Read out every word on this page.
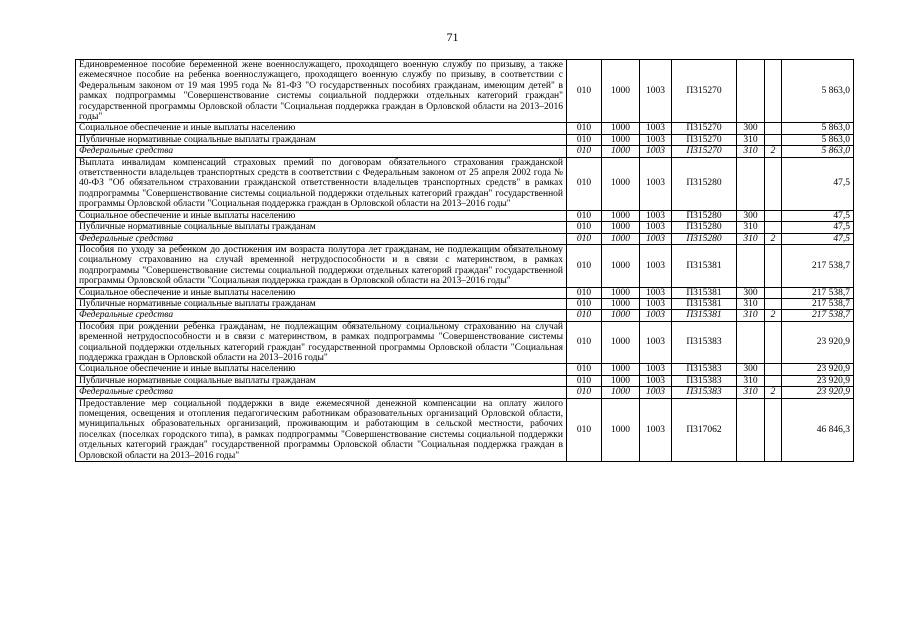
71
Единовременное пособие беременной жене военнослужащего, проходящего военную службу по призыву, а также ежемесячное пособие на ребенка военнослужащего, проходящего военную службу по призыву, в соответствии с Федеральным законом от 19 мая 1995 года № 81-ФЗ "О государственных пособиях гражданам, имеющим детей" в рамках подпрограммы "Совершенствование системы социальной поддержки отдельных категорий граждан" государственной программы Орловской области "Социальная поддержка граждан в Орловской области на 2013–2016 годы"	010	1000	1003	П315270			5 863,0
Социальное обеспечение и иные выплаты населению	010	1000	1003	П315270	300		5 863,0
Публичные нормативные социальные выплаты гражданам	010	1000	1003	П315270	310		5 863,0
Федеральные средства	010	1000	1003	П315270	310	2	5 863,0
Выплата инвалидам компенсаций страховых премий по договорам обязательного страхования гражданской ответственности владельцев транспортных средств в соответствии с Федеральным законом от 25 апреля 2002 года № 40-ФЗ "Об обязательном страховании гражданской ответственности владельцев транспортных средств" в рамках подпрограммы "Совершенствование системы социальной поддержки отдельных категорий граждан" государственной программы Орловской области "Социальная поддержка граждан в Орловской области на 2013–2016 годы"	010	1000	1003	П315280			47,5
Социальное обеспечение и иные выплаты населению	010	1000	1003	П315280	300		47,5
Публичные нормативные социальные выплаты гражданам	010	1000	1003	П315280	310		47,5
Федеральные средства	010	1000	1003	П315280	310	2	47,5
Пособия по уходу за ребенком до достижения им возраста полутора лет гражданам, не подлежащим обязательному социальному страхованию на случай временной нетрудоспособности и в связи с материнством, в рамках подпрограммы "Совершенствование системы социальной поддержки отдельных категорий граждан" государственной программы Орловской области "Социальная поддержка граждан в Орловской области на 2013–2016 годы"	010	1000	1003	П315381			217 538,7
Социальное обеспечение и иные выплаты населению	010	1000	1003	П315381	300		217 538,7
Публичные нормативные социальные выплаты гражданам	010	1000	1003	П315381	310		217 538,7
Федеральные средства	010	1000	1003	П315381	310	2	217 538,7
Пособия при рождении ребенка гражданам, не подлежащим обязательному социальному страхованию на случай временной нетрудоспособности и в связи с материнством, в рамках подпрограммы "Совершенствование системы социальной поддержки отдельных категорий граждан" государственной программы Орловской области "Социальная поддержка граждан в Орловской области на 2013–2016 годы"	010	1000	1003	П315383			23 920,9
Социальное обеспечение и иные выплаты населению	010	1000	1003	П315383	300		23 920,9
Публичные нормативные социальные выплаты гражданам	010	1000	1003	П315383	310		23 920,9
Федеральные средства	010	1000	1003	П315383	310	2	23 920,9
Предоставление мер социальной поддержки в виде ежемесячной денежной компенсации на оплату жилого помещения, освещения и отопления педагогическим работникам образовательных организаций Орловской области, муниципальных образовательных организаций, проживающим и работающим в сельской местности, рабочих поселках (поселках городского типа), в рамках подпрограммы "Совершенствование системы социальной поддержки отдельных категорий граждан" государственной программы Орловской области "Социальная поддержка граждан в Орловской области на 2013–2016 годы"	010	1000	1003	П317062			46 846,3
